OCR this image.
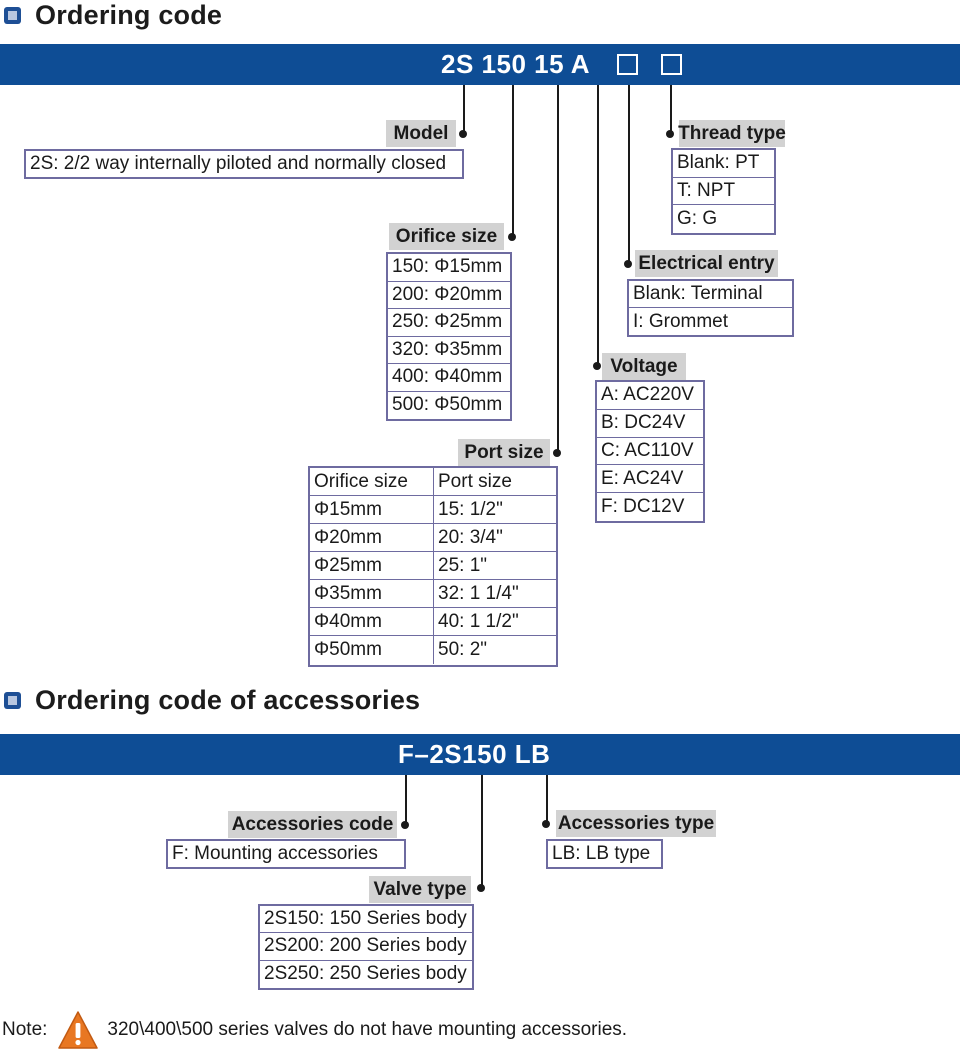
Ordering code
2S 150 15 A
Model
2S: 2/2 way internally piloted and normally closed
Orifice size
150: Φ15mm
200: Φ20mm
250: Φ25mm
320: Φ35mm
400: Φ40mm
500: Φ50mm
Port size
Orifice size	Port size
Φ15mm	15: 1/2"
Φ20mm	20: 3/4"
Φ25mm	25: 1"
Φ35mm	32: 1 1/4"
Φ40mm	40: 1 1/2"
Φ50mm	50: 2"
Voltage
A: AC220V
B: DC24V
C: AC110V
E: AC24V
F: DC12V
Electrical entry
Blank: Terminal
I: Grommet
Thread type
Blank: PT
T: NPT
G: G
Ordering code of accessories
F–2S150 LB
Accessories code
F: Mounting accessories
Valve type
2S150: 150 Series body
2S200: 200 Series body
2S250: 250 Series body
Accessories type
LB: LB type
Note:	320\400\500 series valves do not have mounting accessories.
